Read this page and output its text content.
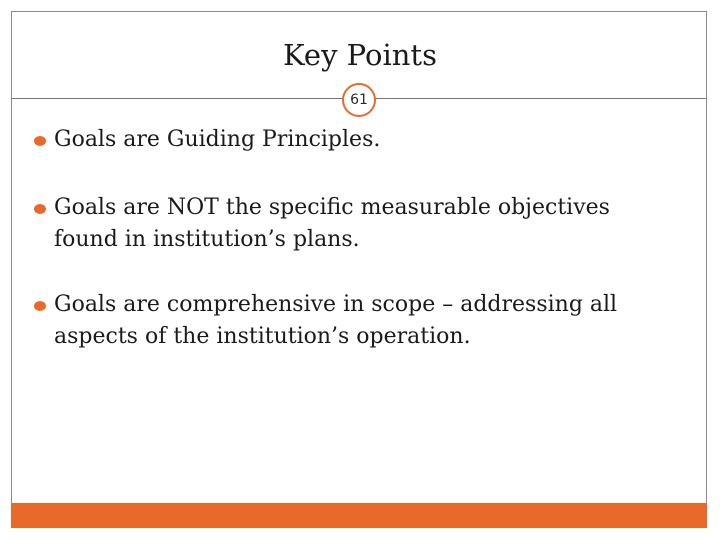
Key Points
61
Goals are Guiding Principles.
Goals are NOT the specific measurable objectives found in institution’s plans.
Goals are comprehensive in scope – addressing all aspects of the institution’s operation.
